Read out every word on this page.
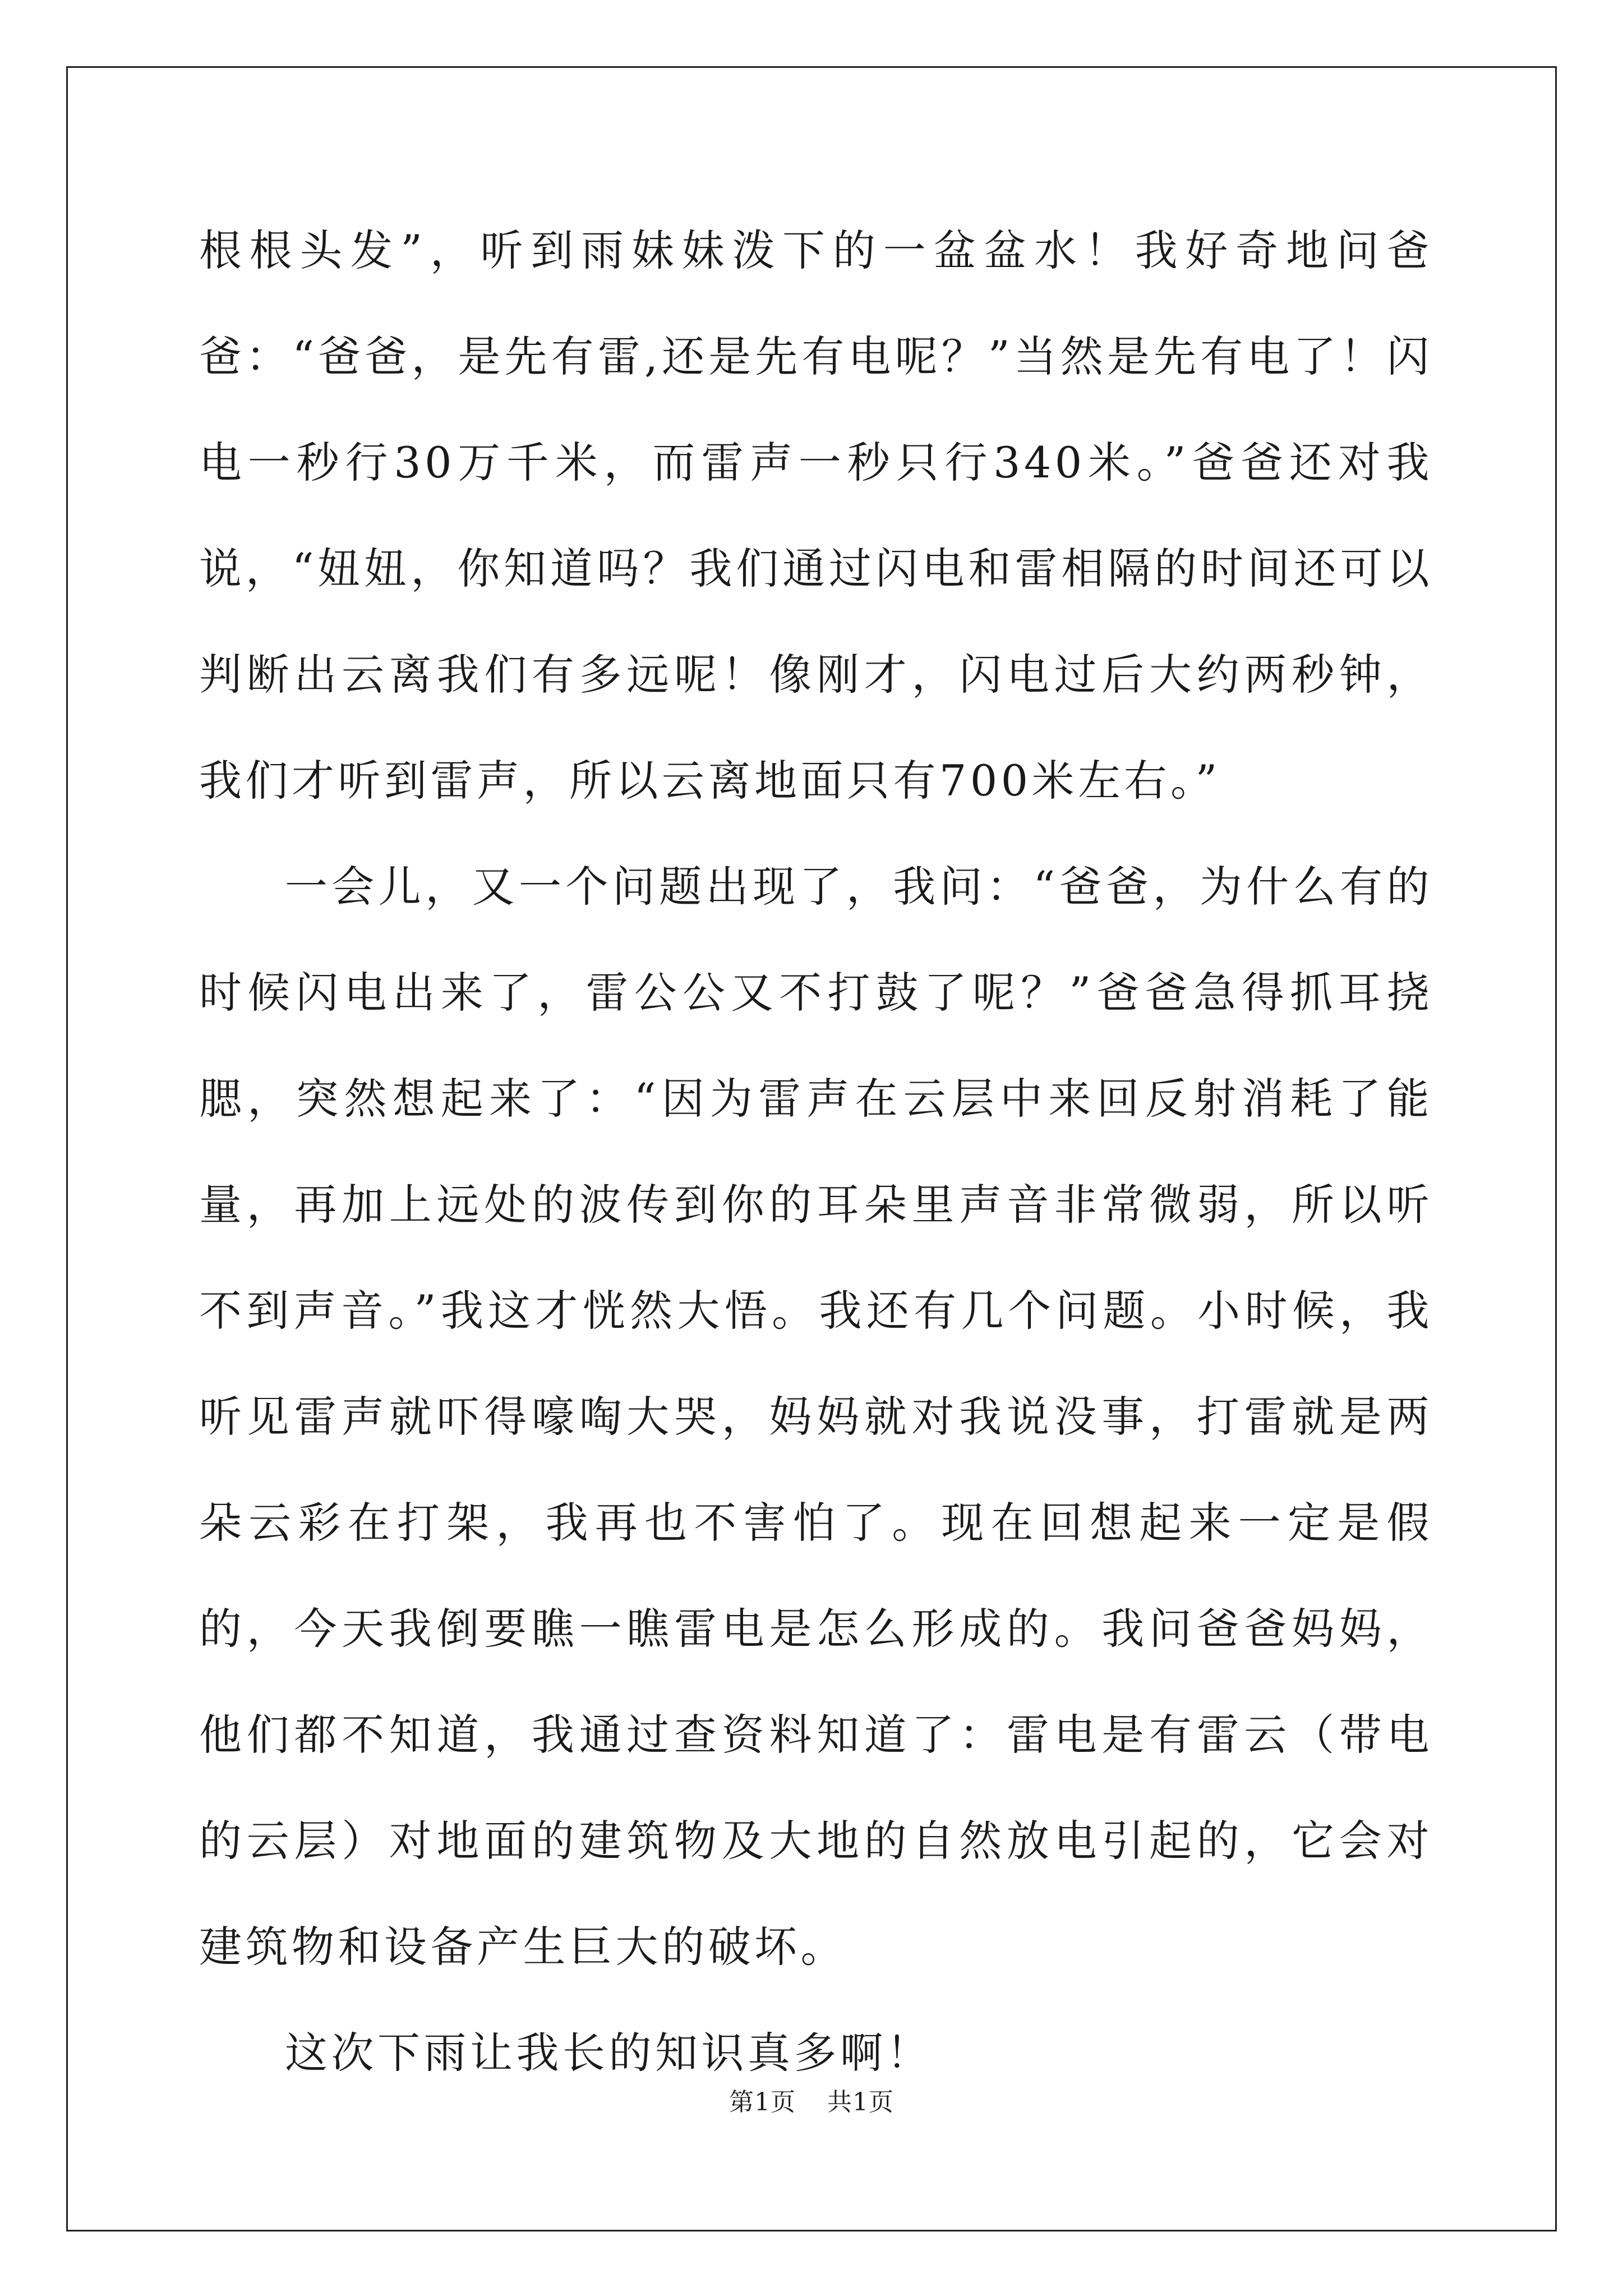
根根头发”，听到雨妹妹泼下的一盆盆水！我好奇地问爸爸：“爸爸，是先有雷,还是先有电呢？”当然是先有电了！闪电一秒行30万千米，而雷声一秒只行340米。”爸爸还对我说，“妞妞，你知道吗？我们通过闪电和雷相隔的时间还可以判断出云离我们有多远呢！像刚才，闪电过后大约两秒钟，我们才听到雷声，所以云离地面只有700米左右。”

一会儿，又一个问题出现了，我问：“爸爸，为什么有的时候闪电出来了，雷公公又不打鼓了呢？”爸爸急得抓耳挠腮，突然想起来了：“因为雷声在云层中来回反射消耗了能量，再加上远处的波传到你的耳朵里声音非常微弱，所以听不到声音。”我这才恍然大悟。我还有几个问题。小时候，我听见雷声就吓得嚎啕大哭，妈妈就对我说没事，打雷就是两朵云彩在打架，我再也不害怕了。现在回想起来一定是假的，今天我倒要瞧一瞧雷电是怎么形成的。我问爸爸妈妈，他们都不知道，我通过查资料知道了：雷电是有雷云（带电的云层）对地面的建筑物及大地的自然放电引起的，它会对建筑物和设备产生巨大的破坏。

这次下雨让我长的知识真多啊！

第1页 共1页
